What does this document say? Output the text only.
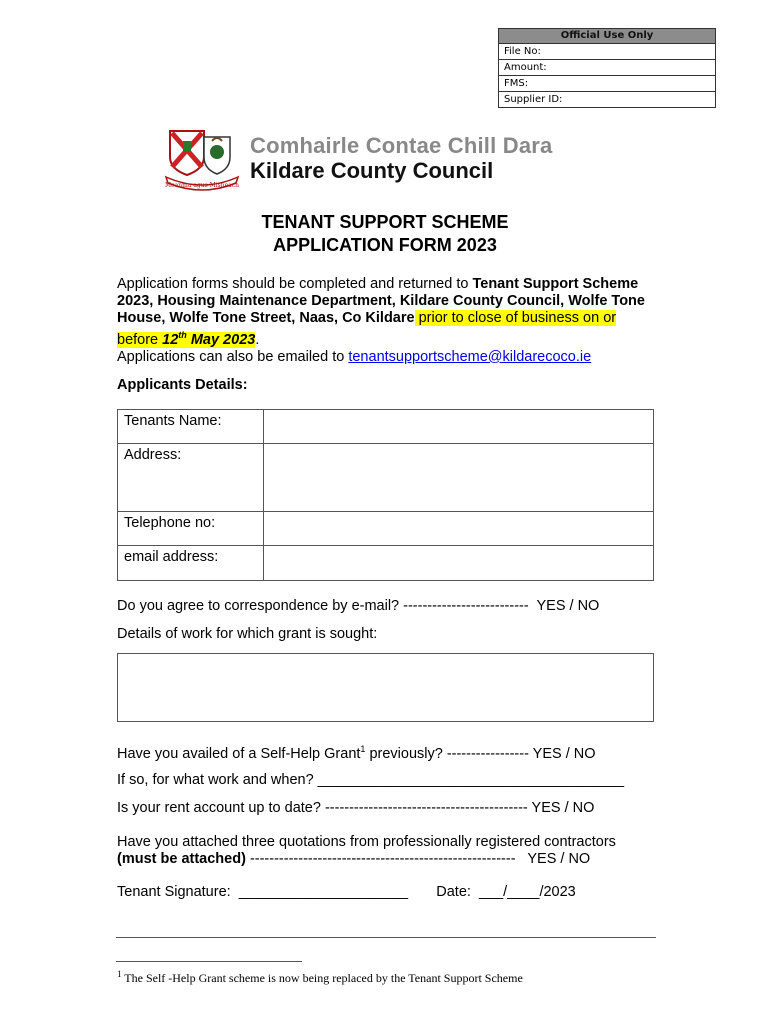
Official Use Only
File No:
Amount:
FMS:
Supplier ID:
Meanma agus Misneach
Comhairle Contae Chill Dara
Kildare County Council
TENANT SUPPORT SCHEME
APPLICATION FORM 2023
Application forms should be completed and returned to Tenant Support Scheme 2023, Housing Maintenance Department, Kildare County Council, Wolfe Tone House, Wolfe Tone Street, Naas, Co Kildare prior to close of business on or before 12th May 2023.
Applications can also be emailed to tenantsupportscheme@kildarecoco.ie
Applicants Details:
Tenants Name:	
Address:	
Telephone no:	
email address:	
Do you agree to correspondence by e-mail? --------------------------  YES / NO
Details of work for which grant is sought:
Have you availed of a Self-Help Grant$^1$ previously? ----------------- YES / NO
If so, for what work and when? ______________________________________
Is your rent account up to date? ------------------------------------------ YES / NO
Have you attached three quotations from professionally registered contractors
(must be attached) -------------------------------------------------------   YES / NO
Tenant Signature:  _____________________       Date:  ___/____/2023
$^1$ The Self -Help Grant scheme is now being replaced by the Tenant Support Scheme
